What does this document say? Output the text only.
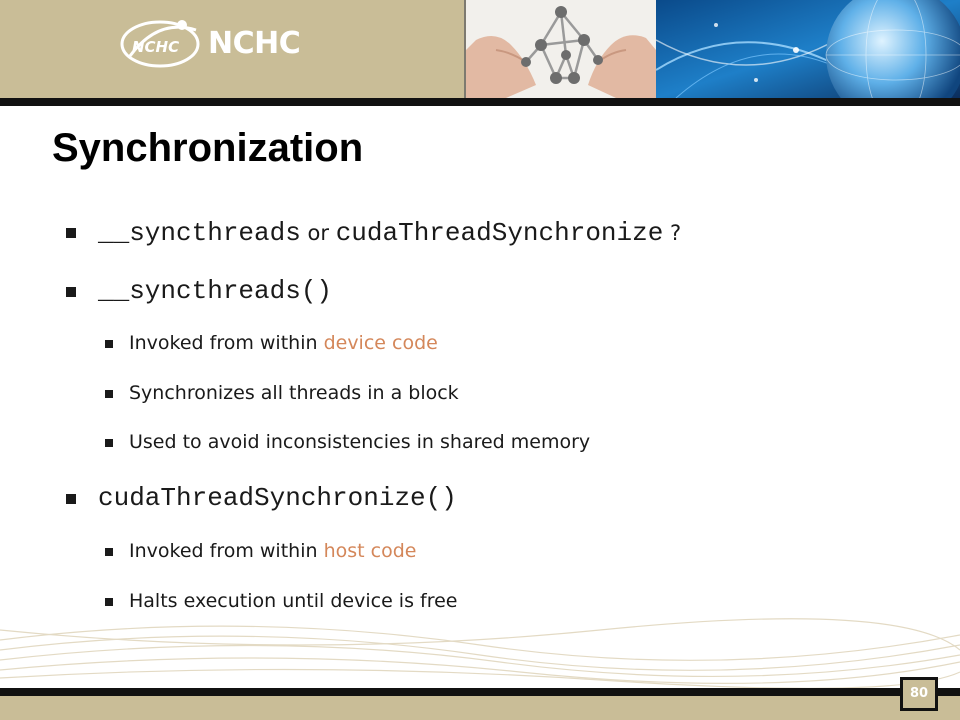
NCHC NCHC
Synchronization
__syncthreads or cudaThreadSynchronize ?
__syncthreads()
Invoked from within device code
Synchronizes all threads in a block
Used to avoid inconsistencies in shared memory
cudaThreadSynchronize()
Invoked from within host code
Halts execution until device is free
80
